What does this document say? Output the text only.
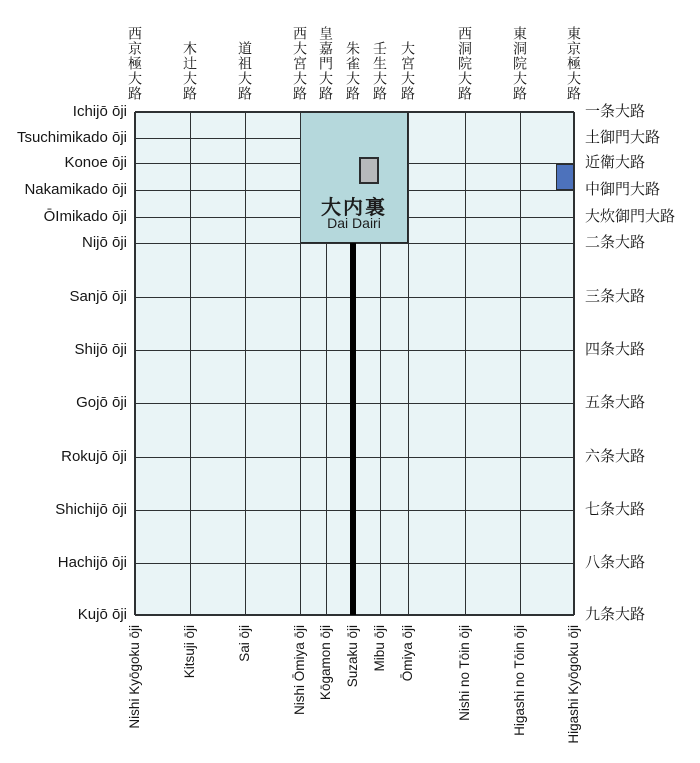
大内裏
Dai Dairi
Ichijō ōji	一条大路
Tsuchimikado ōji	土御門大路
Konoe ōji	近衛大路
Nakamikado ōji	中御門大路
ŌImikado ōji	大炊御門大路
Nijō ōji	二条大路
Sanjō ōji	三条大路
Shijō ōji	四条大路
Gojō ōji	五条大路
Rokujō ōji	六条大路
Shichijō ōji	七条大路
Hachijō ōji	八条大路
Kujō ōji	九条大路
西京極大路
Nishi Kyōgoku ōji
木辻大路
Kitsuji ōji
道祖大路
Sai ōji
西大宮大路
Nishi Ōmiya ōji
皇嘉門大路
Kōgamon ōji
朱雀大路
Suzaku ōji
壬生大路
Mibu ōji
大宮大路
Ōmiya ōji
西洞院大路
Nishi no Tōin ōji
東洞院大路
Higashi no Tōin ōji
東京極大路
Higashi Kyōgoku ōji
